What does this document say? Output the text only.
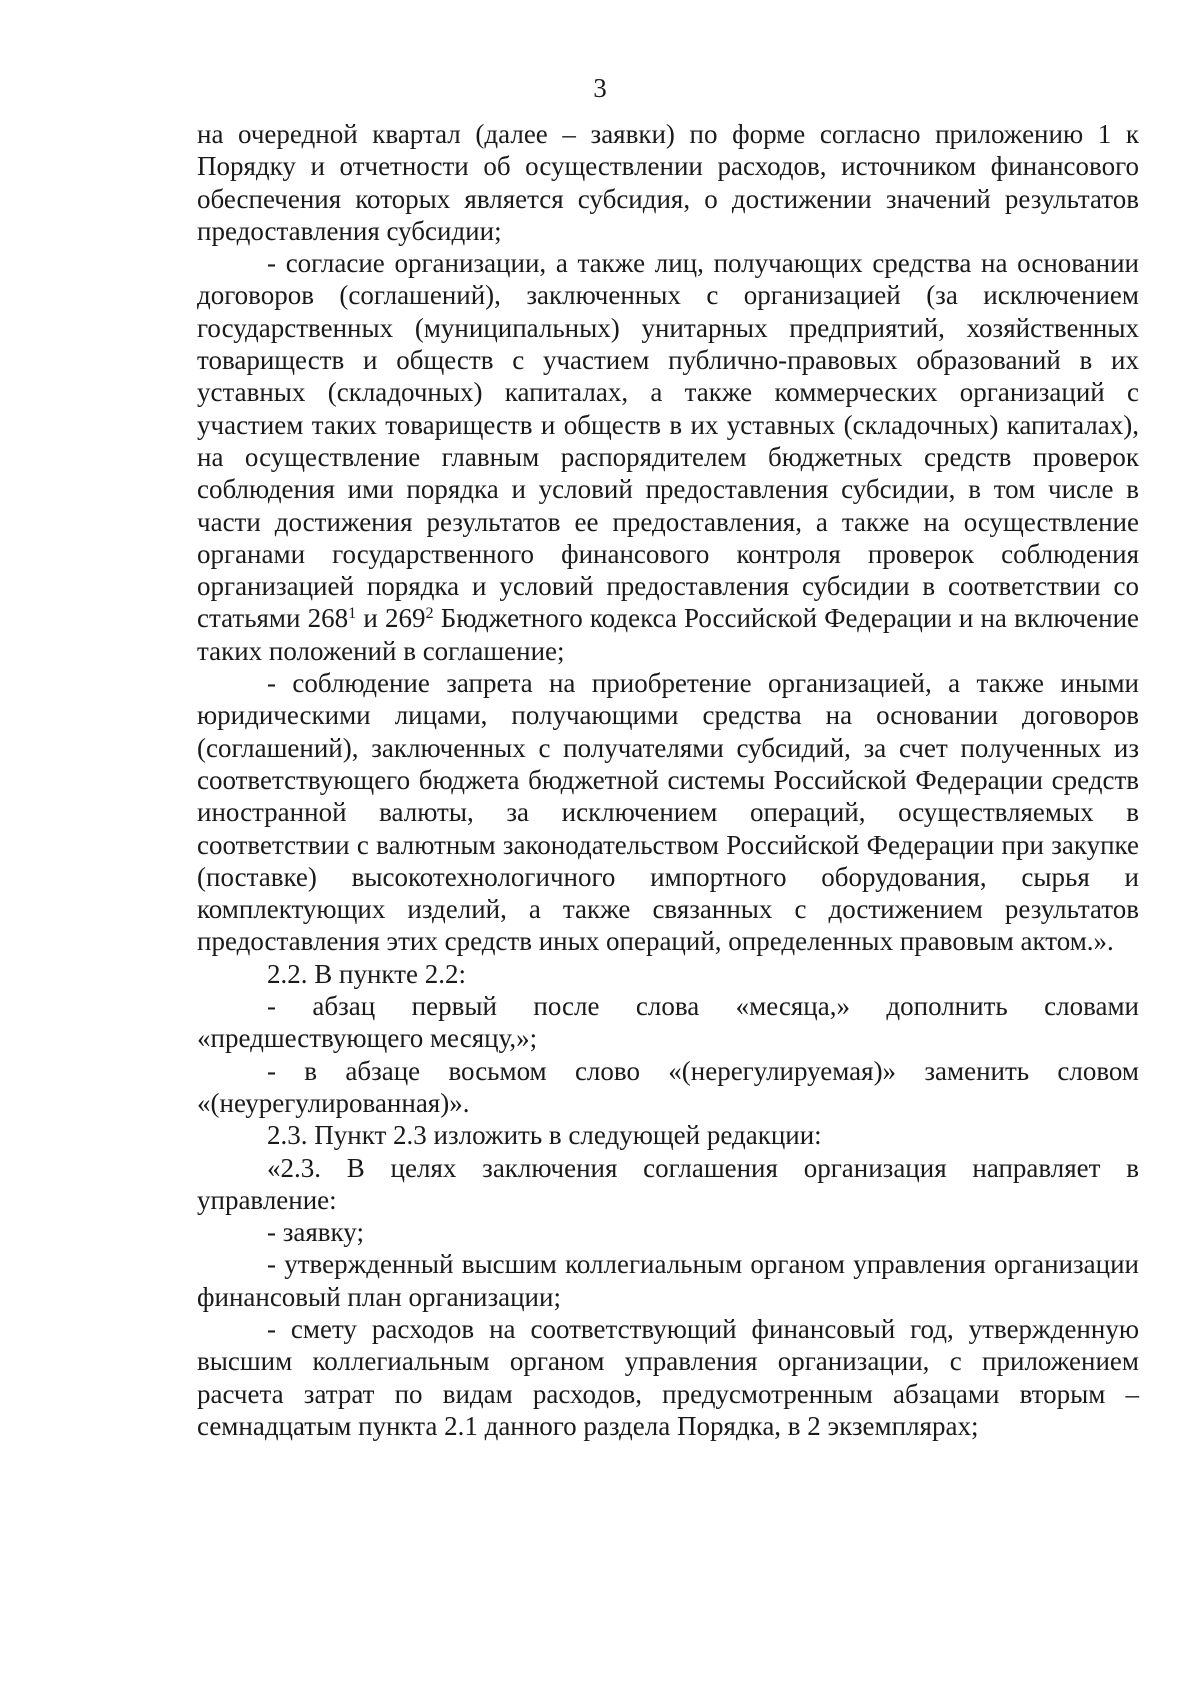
3

на очередной квартал (далее – заявки) по форме согласно приложению 1 к Порядку и отчетности об осуществлении расходов, источником финансового обеспечения которых является субсидия, о достижении значений результатов предоставления субсидии;

- согласие организации, а также лиц, получающих средства на основании договоров (соглашений), заключенных с организацией (за исключением государственных (муниципальных) унитарных предприятий, хозяйственных товариществ и обществ с участием публично-правовых образований в их уставных (складочных) капиталах, а также коммерческих организаций с участием таких товариществ и обществ в их уставных (складочных) капиталах), на осуществление главным распорядителем бюджетных средств проверок соблюдения ими порядка и условий предоставления субсидии, в том числе в части достижения результатов ее предоставления, а также на осуществление органами государственного финансового контроля проверок соблюдения организацией порядка и условий предоставления субсидии в соответствии со статьями $268^1$ и $269^2$ Бюджетного кодекса Российской Федерации и на включение таких положений в соглашение;

- соблюдение запрета на приобретение организацией, а также иными юридическими лицами, получающими средства на основании договоров (соглашений), заключенных с получателями субсидий, за счет полученных из соответствующего бюджета бюджетной системы Российской Федерации средств иностранной валюты, за исключением операций, осуществляемых в соответствии с валютным законодательством Российской Федерации при закупке (поставке) высокотехнологичного импортного оборудования, сырья и комплектующих изделий, а также связанных с достижением результатов предоставления этих средств иных операций, определенных правовым актом.».

2.2. В пункте 2.2:

- абзац первый после слова «месяца,» дополнить словами «предшествующего месяцу,»;

- в абзаце восьмом слово «(нерегулируемая)» заменить словом «(неурегулированная)».

2.3. Пункт 2.3 изложить в следующей редакции:

«2.3. В целях заключения соглашения организация направляет в управление:

- заявку;

- утвержденный высшим коллегиальным органом управления организации финансовый план организации;

- смету расходов на соответствующий финансовый год, утвержденную высшим коллегиальным органом управления организации, с приложением расчета затрат по видам расходов, предусмотренным абзацами вторым – семнадцатым пункта 2.1 данного раздела Порядка, в 2 экземплярах;
